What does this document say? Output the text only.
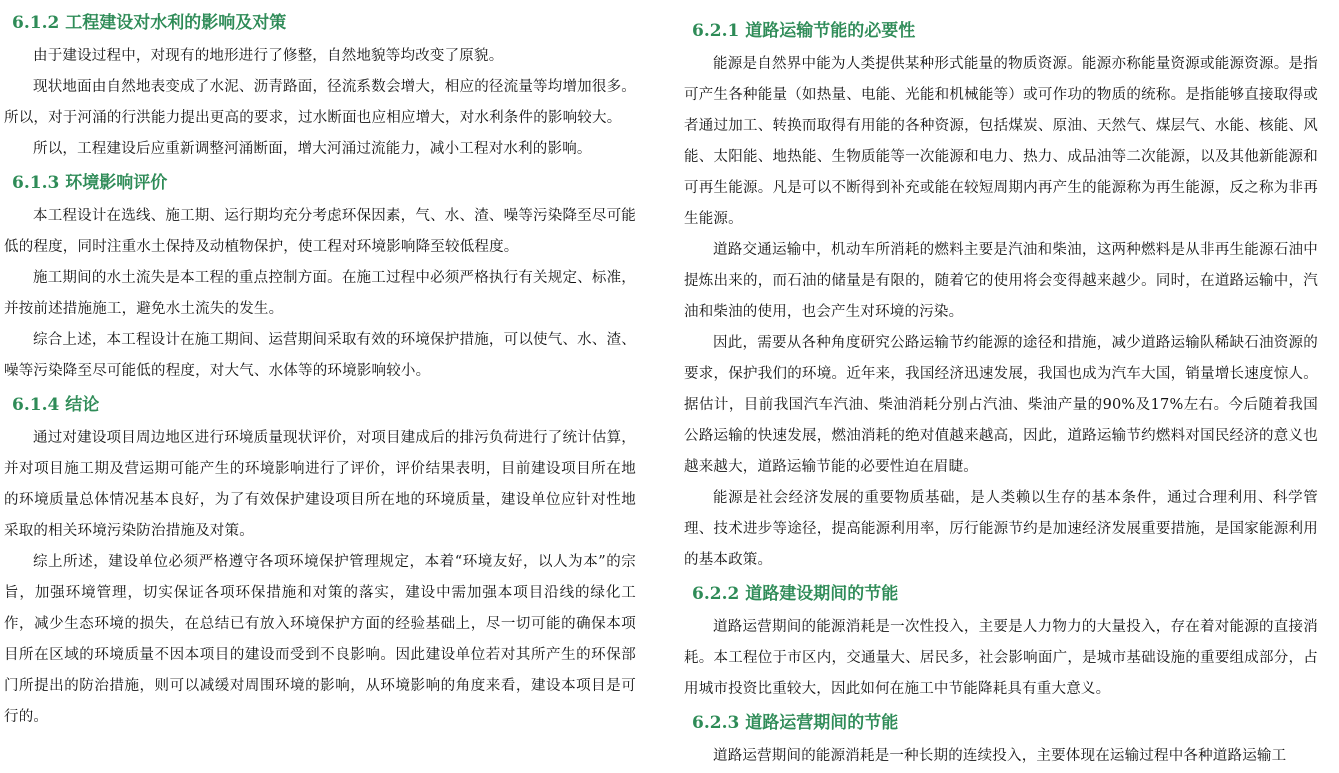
6.1.2 工程建设对水利的影响及对策

由于建设过程中，对现有的地形进行了修整，自然地貌等均改变了原貌。

现状地面由自然地表变成了水泥、沥青路面，径流系数会增大，相应的径流量等均增加很多。所以，对于河涌的行洪能力提出更高的要求，过水断面也应相应增大，对水利条件的影响较大。

所以，工程建设后应重新调整河涌断面，增大河涌过流能力，减小工程对水利的影响。

6.1.3 环境影响评价

本工程设计在选线、施工期、运行期均充分考虑环保因素，气、水、渣、噪等污染降至尽可能低的程度，同时注重水土保持及动植物保护，使工程对环境影响降至较低程度。

施工期间的水土流失是本工程的重点控制方面。在施工过程中必须严格执行有关规定、标准，并按前述措施施工，避免水土流失的发生。

综合上述，本工程设计在施工期间、运营期间采取有效的环境保护措施，可以使气、水、渣、噪等污染降至尽可能低的程度，对大气、水体等的环境影响较小。

6.1.4 结论

通过对建设项目周边地区进行环境质量现状评价，对项目建成后的排污负荷进行了统计估算，并对项目施工期及营运期可能产生的环境影响进行了评价，评价结果表明，目前建设项目所在地的环境质量总体情况基本良好，为了有效保护建设项目所在地的环境质量，建设单位应针对性地采取的相关环境污染防治措施及对策。

综上所述，建设单位必须严格遵守各项环境保护管理规定，本着“环境友好，以人为本”的宗旨，加强环境管理，切实保证各项环保措施和对策的落实，建设中需加强本项目沿线的绿化工作，减少生态环境的损失，在总结已有放入环境保护方面的经验基础上，尽一切可能的确保本项目所在区域的环境质量不因本项目的建设而受到不良影响。因此建设单位若对其所产生的环保部门所提出的防治措施，则可以减缓对周围环境的影响，从环境影响的角度来看，建设本项目是可行的。

6.2.1 道路运输节能的必要性

能源是自然界中能为人类提供某种形式能量的物质资源。能源亦称能量资源或能源资源。是指可产生各种能量（如热量、电能、光能和机械能等）或可作功的物质的统称。是指能够直接取得或者通过加工、转换而取得有用能的各种资源，包括煤炭、原油、天然气、煤层气、水能、核能、风能、太阳能、地热能、生物质能等一次能源和电力、热力、成品油等二次能源，以及其他新能源和可再生能源。凡是可以不断得到补充或能在较短周期内再产生的能源称为再生能源，反之称为非再生能源。

道路交通运输中，机动车所消耗的燃料主要是汽油和柴油，这两种燃料是从非再生能源石油中提炼出来的，而石油的储量是有限的，随着它的使用将会变得越来越少。同时，在道路运输中，汽油和柴油的使用，也会产生对环境的污染。

因此，需要从各种角度研究公路运输节约能源的途径和措施，减少道路运输队稀缺石油资源的要求，保护我们的环境。近年来，我国经济迅速发展，我国也成为汽车大国，销量增长速度惊人。据估计，目前我国汽车汽油、柴油消耗分别占汽油、柴油产量的90%及17%左右。今后随着我国公路运输的快速发展，燃油消耗的绝对值越来越高，因此，道路运输节约燃料对国民经济的意义也越来越大，道路运输节能的必要性迫在眉睫。

能源是社会经济发展的重要物质基础，是人类赖以生存的基本条件，通过合理利用、科学管理、技术进步等途径，提高能源利用率，厉行能源节约是加速经济发展重要措施，是国家能源利用的基本政策。

6.2.2 道路建设期间的节能

道路运营期间的能源消耗是一次性投入，主要是人力物力的大量投入，存在着对能源的直接消耗。本工程位于市区内，交通量大、居民多，社会影响面广，是城市基础设施的重要组成部分，占用城市投资比重较大，因此如何在施工中节能降耗具有重大意义。

6.2.3 道路运营期间的节能

道路运营期间的能源消耗是一种长期的连续投入，主要体现在运输过程中各种道路运输工
